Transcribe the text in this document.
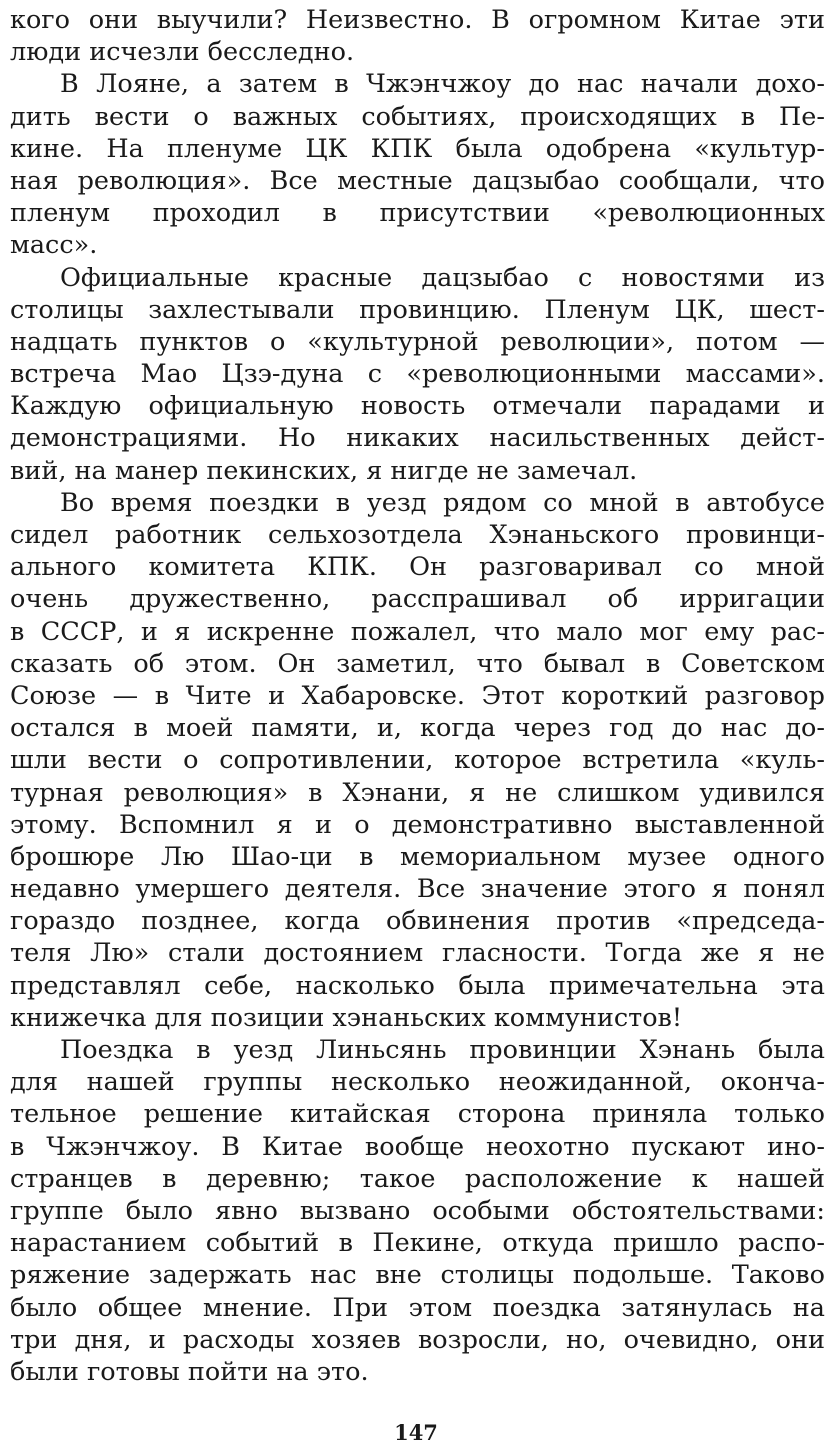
кого они выучили? Неизвестно. В огромном Китае эти
люди исчезли бесследно.
В Лояне, а затем в Чжэнчжоу до нас начали дохо-
дить вести о важных событиях, происходящих в Пе-
кине. На пленуме ЦК КПК была одобрена «культур-
ная революция». Все местные дацзыбао сообщали, что
пленум проходил в присутствии «революционных
масс».
Официальные красные дацзыбао с новостями из
столицы захлестывали провинцию. Пленум ЦК, шест-
надцать пунктов о «культурной революции», потом —
встреча Мао Цзэ-дуна с «революционными массами».
Каждую официальную новость отмечали парадами и
демонстрациями. Но никаких насильственных дейст-
вий, на манер пекинских, я нигде не замечал.
Во время поездки в уезд рядом со мной в автобусе
сидел работник сельхозотдела Хэнаньского провинци-
ального комитета КПК. Он разговаривал со мной
очень дружественно, расспрашивал об ирригации
в СССР, и я искренне пожалел, что мало мог ему рас-
сказать об этом. Он заметил, что бывал в Советском
Союзе — в Чите и Хабаровске. Этот короткий разговор
остался в моей памяти, и, когда через год до нас до-
шли вести о сопротивлении, которое встретила «куль-
турная революция» в Хэнани, я не слишком удивился
этому. Вспомнил я и о демонстративно выставленной
брошюре Лю Шао-ци в мемориальном музее одного
недавно умершего деятеля. Все значение этого я понял
гораздо позднее, когда обвинения против «председа-
теля Лю» стали достоянием гласности. Тогда же я не
представлял себе, насколько была примечательна эта
книжечка для позиции хэнаньских коммунистов!
Поездка в уезд Линьсянь провинции Хэнань была
для нашей группы несколько неожиданной, оконча-
тельное решение китайская сторона приняла только
в Чжэнчжоу. В Китае вообще неохотно пускают ино-
странцев в деревню; такое расположение к нашей
группе было явно вызвано особыми обстоятельствами:
нарастанием событий в Пекине, откуда пришло распо-
ряжение задержать нас вне столицы подольше. Таково
было общее мнение. При этом поездка затянулась на
три дня, и расходы хозяев возросли, но, очевидно, они
были готовы пойти на это.
147
